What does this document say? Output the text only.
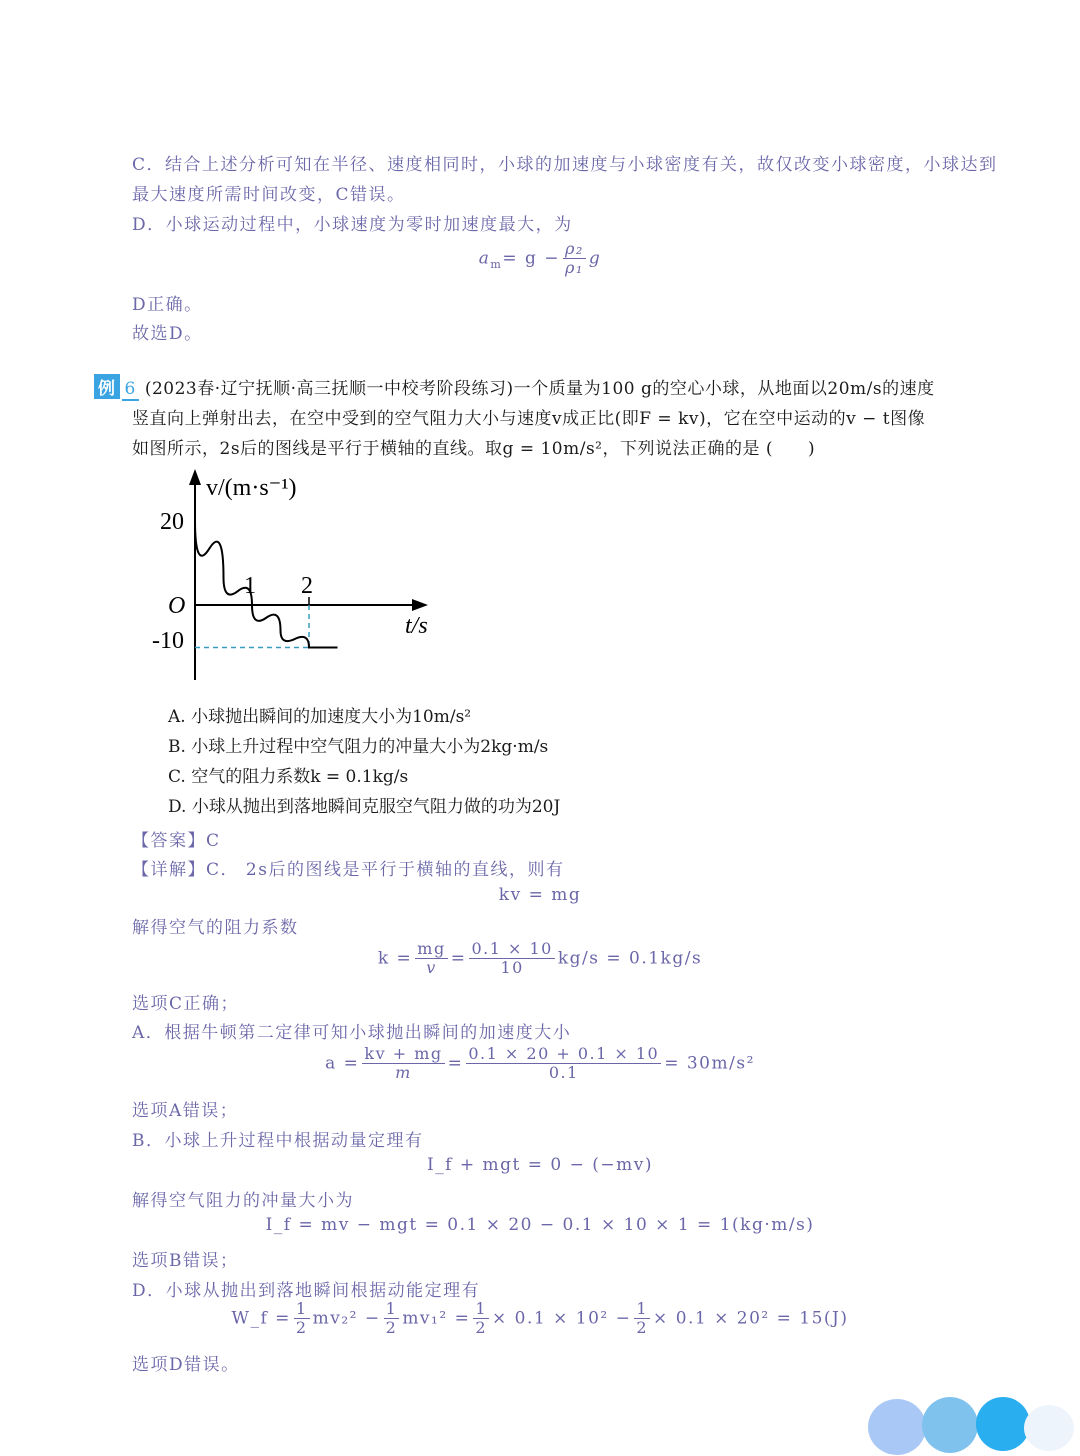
C．结合上述分析可知在半径、速度相同时，小球的加速度与小球密度有关，故仅改变小球密度，小球达到
最大速度所需时间改变，C错误。
D．小球运动过程中，小球速度为零时加速度最大，为
$a_m= g - \frac{\text{ρ₂}}{\text{ρ₁}}$ g
D正确。
故选D。
例 6 (2023春·辽宁抚顺·高三抚顺一中校考阶段练习)一个质量为100 g的空心小球，从地面以20m/s的速度
竖直向上弹射出去，在空中受到的空气阻力大小与速度v成正比(即F = kv)，它在空中运动的v − t图像
如图所示，2s后的图线是平行于横轴的直线。取g = 10m/s²，下列说法正确的是 (　　)
v/(m·s⁻¹)
t/s
O
20
-10
1 2
A. 小球抛出瞬间的加速度大小为10m/s²
B. 小球上升过程中空气阻力的冲量大小为2kg·m/s
C. 空气的阻力系数k = 0.1kg/s
D. 小球从抛出到落地瞬间克服空气阻力做的功为20J
【答案】C
【详解】C． 2s后的图线是平行于横轴的直线，则有
kv = mg
解得空气的阻力系数
$k = \frac{mg}{v} = \frac{0.1 \times 10}{10} kg/s = 0.1kg/s$
选项C正确；
A．根据牛顿第二定律可知小球抛出瞬间的加速度大小
$a = \frac{kv + mg}{m} = \frac{0.1 \times 20 + 0.1 \times 10}{0.1} = 30m/s^2$
选项A错误；
B．小球上升过程中根据动量定理有
I_f + mgt = 0 − (−mv)
解得空气阻力的冲量大小为
I_f = mv − mgt = 0.1 × 20 − 0.1 × 10 × 1 = 1(kg·m/s)
选项B错误；
D．小球从抛出到落地瞬间根据动能定理有
W_f = $\frac{1}{2} mv_2^2 - \frac{1}{2} mv_1^2 = \frac{1}{2} \times 0.1 \times 10^2 - \frac{1}{2} \times 0.1 \times 20^2 = 15(J)$
选项D错误。
